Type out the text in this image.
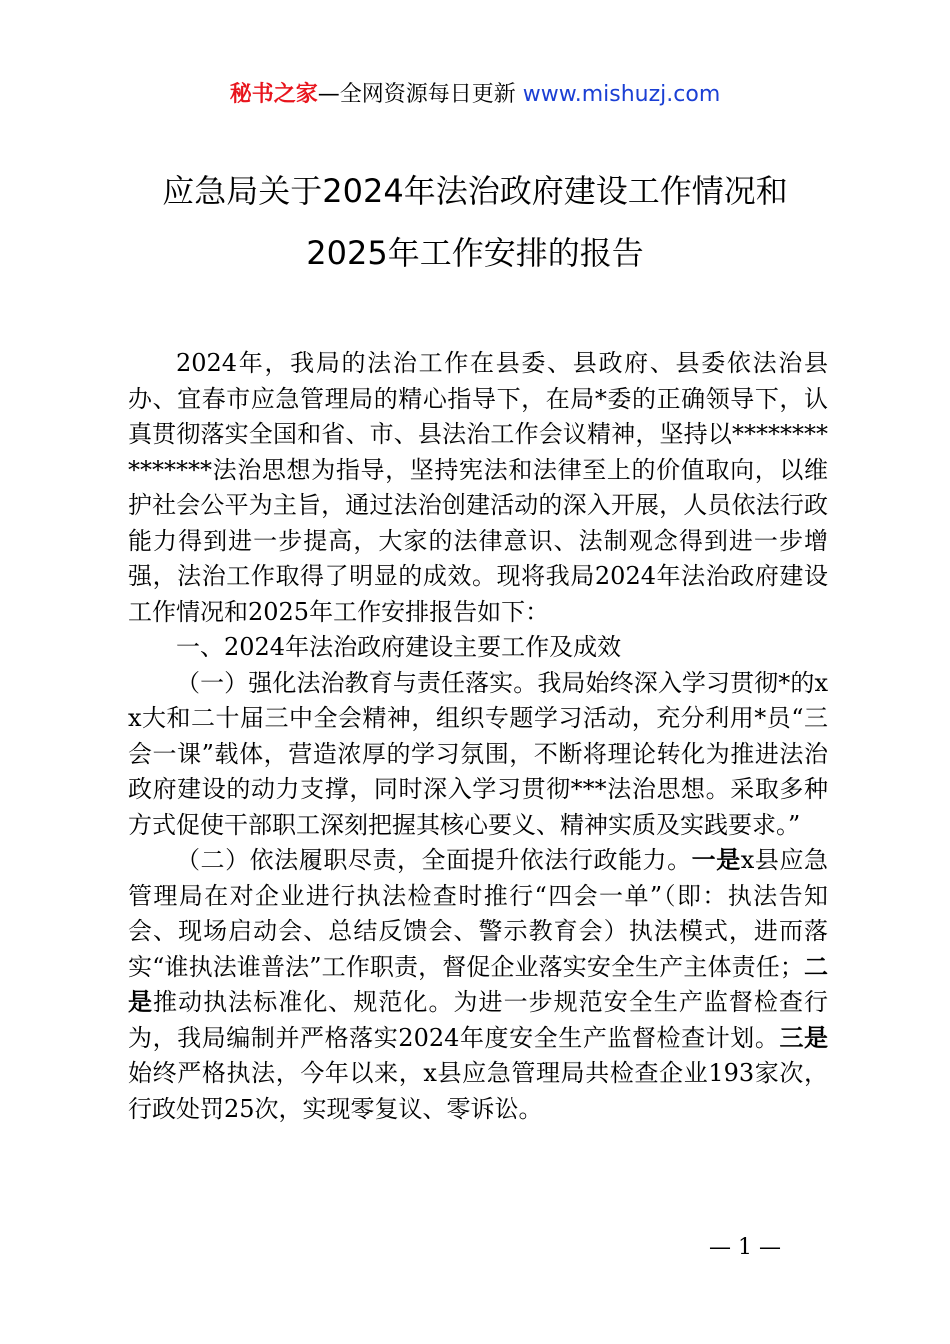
秘书之家—全网资源每日更新 www.mishuzj.com
应急局关于2024年法治政府建设工作情况和
2025年工作安排的报告

2024年，我局的法治工作在县委、县政府、县委依法治县办、宜春市应急管理局的精心指导下，在局*委的正确领导下，认真贯彻落实全国和省、市、县法治工作会议精神，坚持以***************法治思想为指导，坚持宪法和法律至上的价值取向，以维护社会公平为主旨，通过法治创建活动的深入开展，人员依法行政能力得到进一步提高，大家的法律意识、法制观念得到进一步增强，法治工作取得了明显的成效。现将我局2024年法治政府建设工作情况和2025年工作安排报告如下：

一、2024年法治政府建设主要工作及成效

（一）强化法治教育与责任落实。我局始终深入学习贯彻*的xx大和二十届三中全会精神，组织专题学习活动，充分利用*员“三会一课”载体，营造浓厚的学习氛围，不断将理论转化为推进法治政府建设的动力支撑，同时深入学习贯彻***法治思想。采取多种方式促使干部职工深刻把握其核心要义、精神实质及实践要求。”

（二）依法履职尽责，全面提升依法行政能力。一是x县应急管理局在对企业进行执法检查时推行“四会一单”（即：执法告知会、现场启动会、总结反馈会、警示教育会）执法模式，进而落实“谁执法谁普法”工作职责，督促企业落实安全生产主体责任；二是推动执法标准化、规范化。为进一步规范安全生产监督检查行为，我局编制并严格落实2024年度安全生产监督检查计划。三是始终严格执法，今年以来，x县应急管理局共检查企业193家次，行政处罚25次，实现零复议、零诉讼。

— 1 —
